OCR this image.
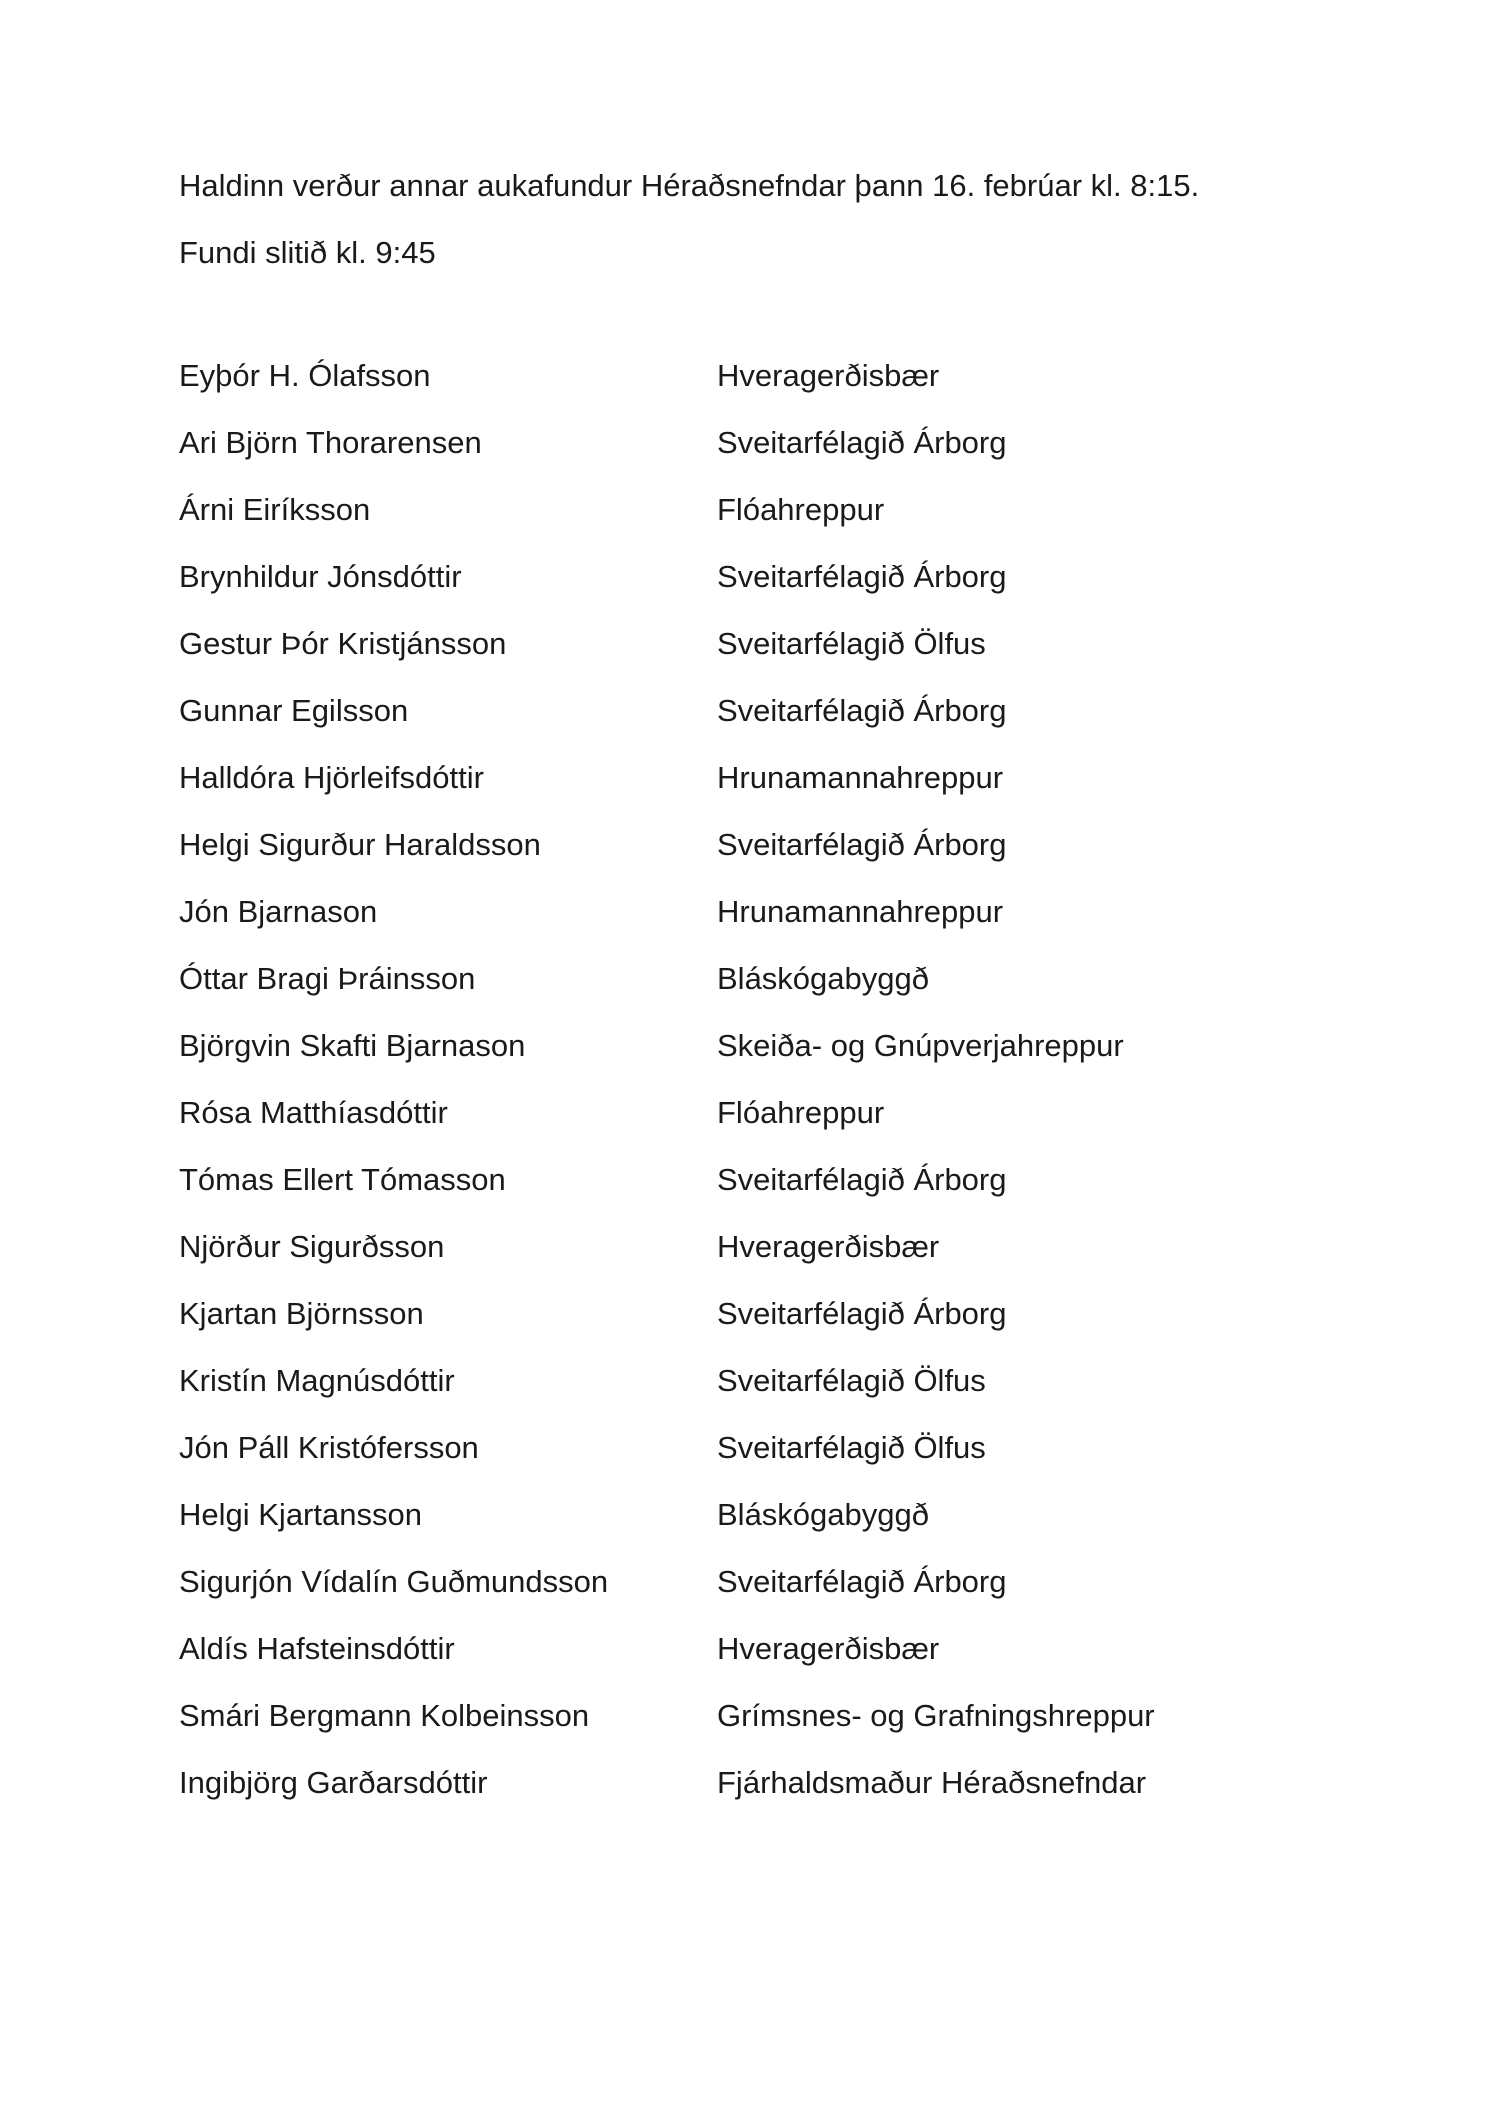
Haldinn verður annar aukafundur Héraðsnefndar þann 16. febrúar kl. 8:15.
Fundi slitið kl. 9:45
Eyþór H. Ólafsson	Hveragerðisbær
Ari Björn Thorarensen	Sveitarfélagið Árborg
Árni Eiríksson	Flóahreppur
Brynhildur Jónsdóttir	Sveitarfélagið Árborg
Gestur Þór Kristjánsson	Sveitarfélagið Ölfus
Gunnar Egilsson	Sveitarfélagið Árborg
Halldóra Hjörleifsdóttir	Hrunamannahreppur
Helgi Sigurður Haraldsson	Sveitarfélagið Árborg
Jón Bjarnason	Hrunamannahreppur
Óttar Bragi Þráinsson	Bláskógabyggð
Björgvin Skafti Bjarnason	Skeiða- og Gnúpverjahreppur
Rósa Matthíasdóttir	Flóahreppur
Tómas Ellert Tómasson	Sveitarfélagið Árborg
Njörður Sigurðsson	Hveragerðisbær
Kjartan Björnsson	Sveitarfélagið Árborg
Kristín Magnúsdóttir	Sveitarfélagið Ölfus
Jón Páll Kristófersson	Sveitarfélagið Ölfus
Helgi Kjartansson	Bláskógabyggð
Sigurjón Vídalín Guðmundsson	Sveitarfélagið Árborg
Aldís Hafsteinsdóttir	Hveragerðisbær
Smári Bergmann Kolbeinsson	Grímsnes- og Grafningshreppur
Ingibjörg Garðarsdóttir	Fjárhaldsmaður Héraðsnefndar
